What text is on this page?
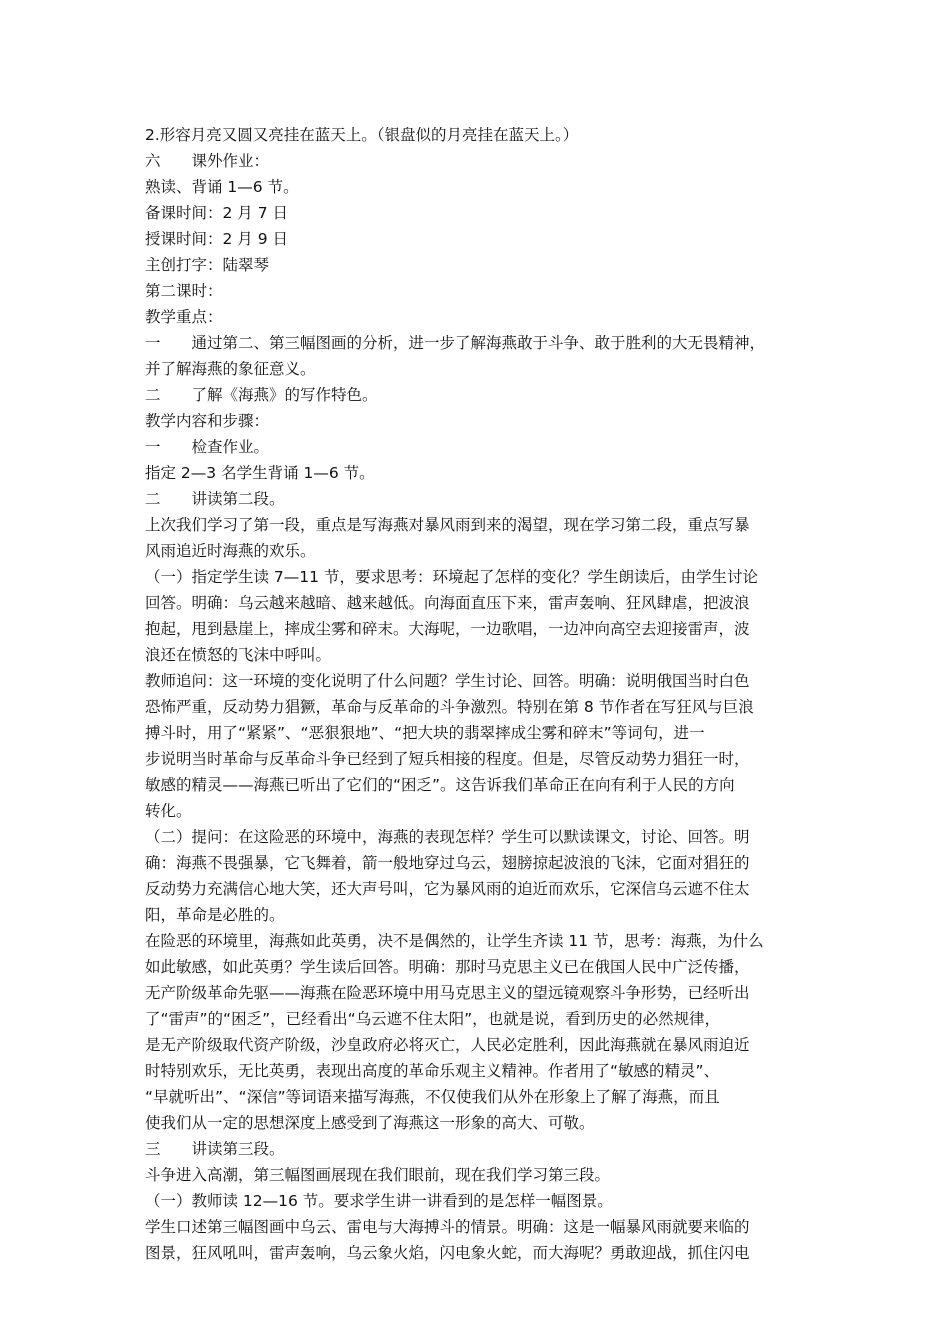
2.形容月亮又圆又亮挂在蓝天上。（银盘似的月亮挂在蓝天上。）
六　　课外作业：
熟读、背诵 1—6 节。
备课时间：2 月 7 日
授课时间：2 月 9 日
主创打字：陆翠琴
第二课时：
教学重点：
一　　通过第二、第三幅图画的分析，进一步了解海燕敢于斗争、敢于胜利的大无畏精神，
并了解海燕的象征意义。
二　　了解《海燕》的写作特色。
教学内容和步骤：
一　　检查作业。
指定 2—3 名学生背诵 1—6 节。
二　　讲读第二段。
上次我们学习了第一段，重点是写海燕对暴风雨到来的渴望，现在学习第二段，重点写暴
风雨追近时海燕的欢乐。
（一）指定学生读 7—11 节，要求思考：环境起了怎样的变化？学生朗读后，由学生讨论
回答。明确：乌云越来越暗、越来越低。向海面直压下来，雷声轰响、狂风肆虐，把波浪
抱起，甩到悬崖上，摔成尘雾和碎末。大海呢，一边歌唱，一边冲向高空去迎接雷声，波
浪还在愤怒的飞沫中呼叫。
教师追问：这一环境的变化说明了什么问题？学生讨论、回答。明确：说明俄国当时白色
恐怖严重，反动势力猖獗，革命与反革命的斗争激烈。特别在第 8 节作者在写狂风与巨浪
搏斗时，用了“紧紧”、“恶狠狠地”、“把大块的翡翠摔成尘雾和碎末”等词句，进一
步说明当时革命与反革命斗争已经到了短兵相接的程度。但是，尽管反动势力猖狂一时，
敏感的精灵——海燕已听出了它们的“困乏”。这告诉我们革命正在向有利于人民的方向
转化。
（二）提问：在这险恶的环境中，海燕的表现怎样？学生可以默读课文，讨论、回答。明
确：海燕不畏强暴，它飞舞着，箭一般地穿过乌云，翅膀掠起波浪的飞沫，它面对猖狂的
反动势力充满信心地大笑，还大声号叫，它为暴风雨的迫近而欢乐，它深信乌云遮不住太
阳，革命是必胜的。
在险恶的环境里，海燕如此英勇，决不是偶然的，让学生齐读 11 节，思考：海燕，为什么
如此敏感，如此英勇？学生读后回答。明确：那时马克思主义已在俄国人民中广泛传播，
无产阶级革命先驱——海燕在险恶环境中用马克思主义的望远镜观察斗争形势，已经听出
了“雷声”的“困乏”，已经看出“乌云遮不住太阳”，也就是说，看到历史的必然规律，
是无产阶级取代资产阶级，沙皇政府必将灭亡，人民必定胜利，因此海燕就在暴风雨迫近
时特别欢乐，无比英勇，表现出高度的革命乐观主义精神。作者用了“敏感的精灵”、
“早就听出”、“深信”等词语来描写海燕，不仅使我们从外在形象上了解了海燕，而且
使我们从一定的思想深度上感受到了海燕这一形象的高大、可敬。
三　　讲读第三段。
斗争进入高潮，第三幅图画展现在我们眼前，现在我们学习第三段。
（一）教师读 12—16 节。要求学生讲一讲看到的是怎样一幅图景。
学生口述第三幅图画中乌云、雷电与大海搏斗的情景。明确：这是一幅暴风雨就要来临的
图景，狂风吼叫，雷声轰响，乌云象火焰，闪电象火蛇，而大海呢？勇敢迎战，抓住闪电
